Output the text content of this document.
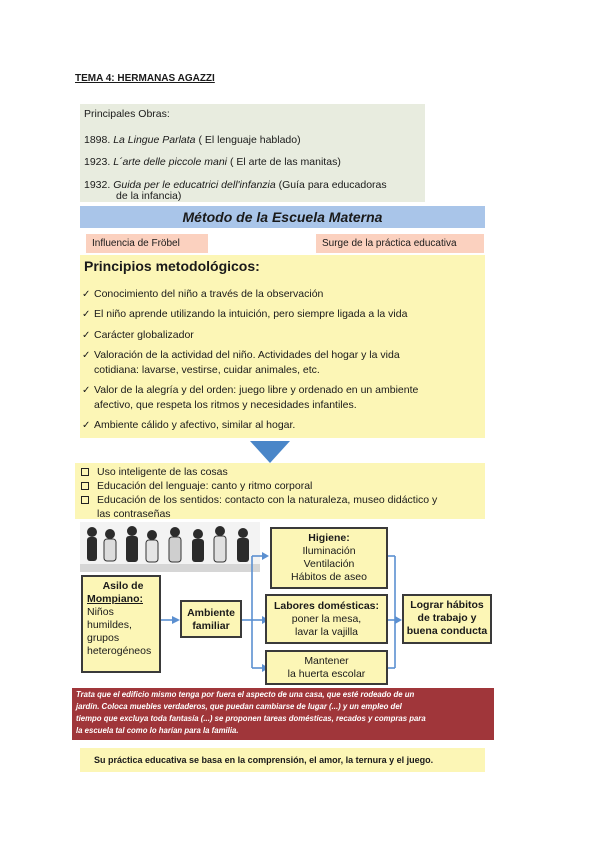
TEMA 4: HERMANAS AGAZZI
Principales Obras:
1898. La Lingue Parlata ( El lenguaje hablado)
1923. L´arte delle piccole mani ( El arte de las manitas)
1932. Guida per le educatrici dell'infanzia (Guía para educadoras
de la infancia)
Método de la Escuela Materna
Influencia de Fröbel	Surge de la práctica educativa
Principios metodológicos:
✓ Conocimiento del niño a través de la observación
✓ El niño aprende utilizando la intuición, pero siempre ligada a la vida
✓ Carácter globalizador
✓ Valoración de la actividad del niño. Actividades del hogar y la vida
cotidiana: lavarse, vestirse, cuidar animales, etc.
✓ Valor de la alegría y del orden: juego libre y ordenado en un ambiente
afectivo, que respeta los ritmos y necesidades infantiles.
✓ Ambiente cálido y afectivo, similar al hogar.
Uso inteligente de las cosas
Educación del lenguaje: canto y ritmo corporal
Educación de los sentidos: contacto con la naturaleza, museo didáctico y
las contraseñas
Asilo de
Mompiano:
Niños
humildes,
grupos
heterogéneos
Ambiente
familiar
Higiene:
Iluminación
Ventilación
Hábitos de aseo
Labores domésticas:
poner la mesa,
lavar la vajilla
Mantener
la huerta escolar
Lograr hábitos
de trabajo y
buena conducta
Trata que el edificio mismo tenga por fuera el aspecto de una casa, que esté rodeado de un
jardín. Coloca muebles verdaderos, que puedan cambiarse de lugar (...) y un empleo del
tiempo que excluya toda fantasía (...) se proponen tareas domésticas, recados y compras para
la escuela tal como lo harían para la familia.
Su práctica educativa se basa en la comprensión, el amor, la ternura y el juego.
